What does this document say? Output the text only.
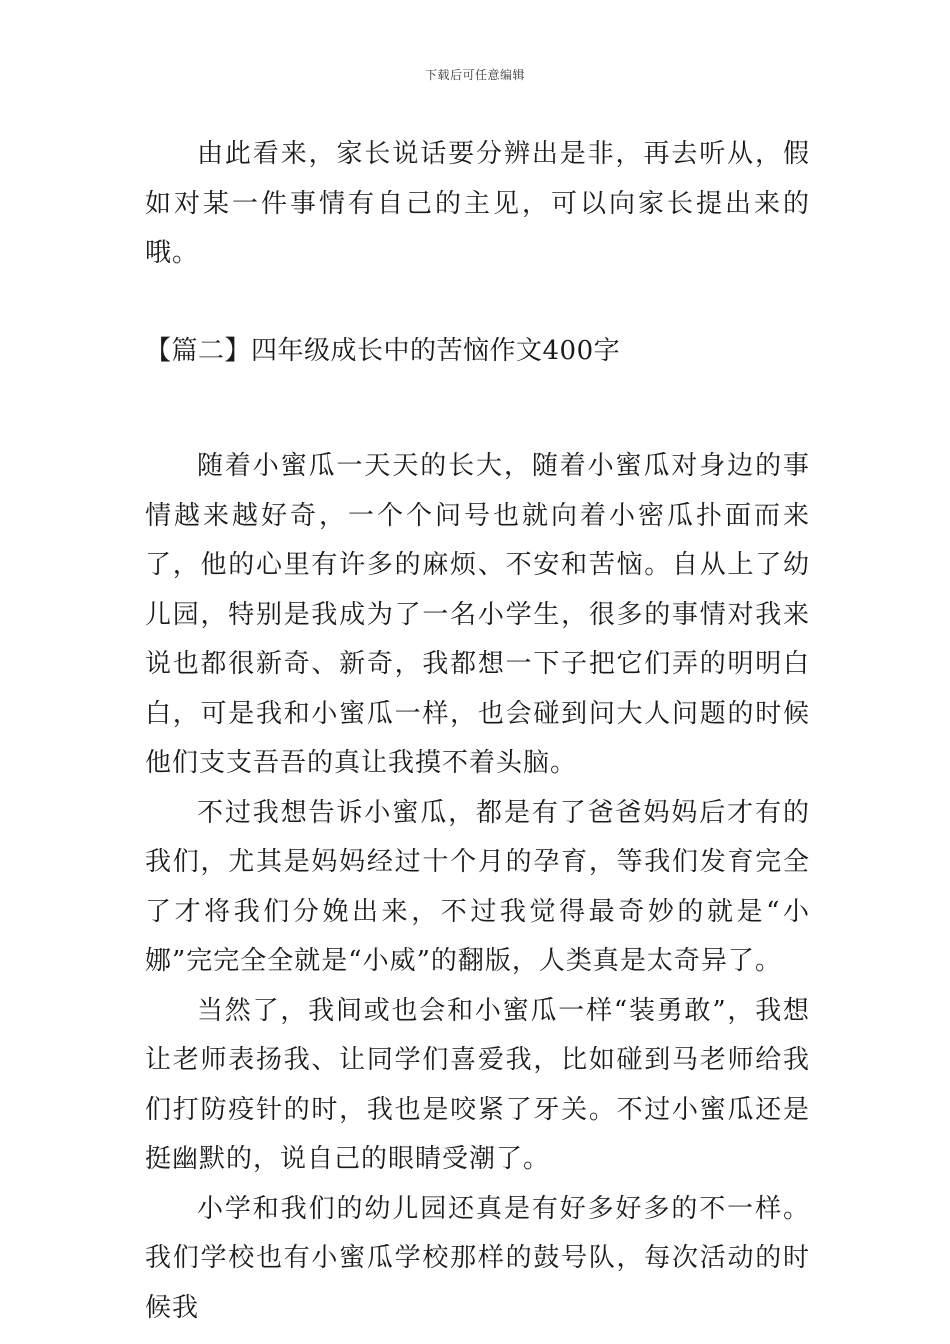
下载后可任意编辑

由此看来，家长说话要分辨出是非，再去听从，假如对某一件事情有自己的主见，可以向家长提出来的哦。

【篇二】四年级成长中的苦恼作文400字

随着小蜜瓜一天天的长大，随着小蜜瓜对身边的事情越来越好奇，一个个问号也就向着小密瓜扑面而来了，他的心里有许多的麻烦、不安和苦恼。自从上了幼儿园，特别是我成为了一名小学生，很多的事情对我来说也都很新奇、新奇，我都想一下子把它们弄的明明白白，可是我和小蜜瓜一样，也会碰到问大人问题的时候他们支支吾吾的真让我摸不着头脑。

不过我想告诉小蜜瓜，都是有了爸爸妈妈后才有的我们，尤其是妈妈经过十个月的孕育，等我们发育完全了才将我们分娩出来，不过我觉得最奇妙的就是“小娜”完完全全就是“小威”的翻版，人类真是太奇异了。

当然了，我间或也会和小蜜瓜一样“装勇敢”，我想让老师表扬我、让同学们喜爱我，比如碰到马老师给我们打防疫针的时，我也是咬紧了牙关。不过小蜜瓜还是挺幽默的，说自己的眼睛受潮了。

小学和我们的幼儿园还真是有好多好多的不一样。我们学校也有小蜜瓜学校那样的鼓号队，每次活动的时候我
